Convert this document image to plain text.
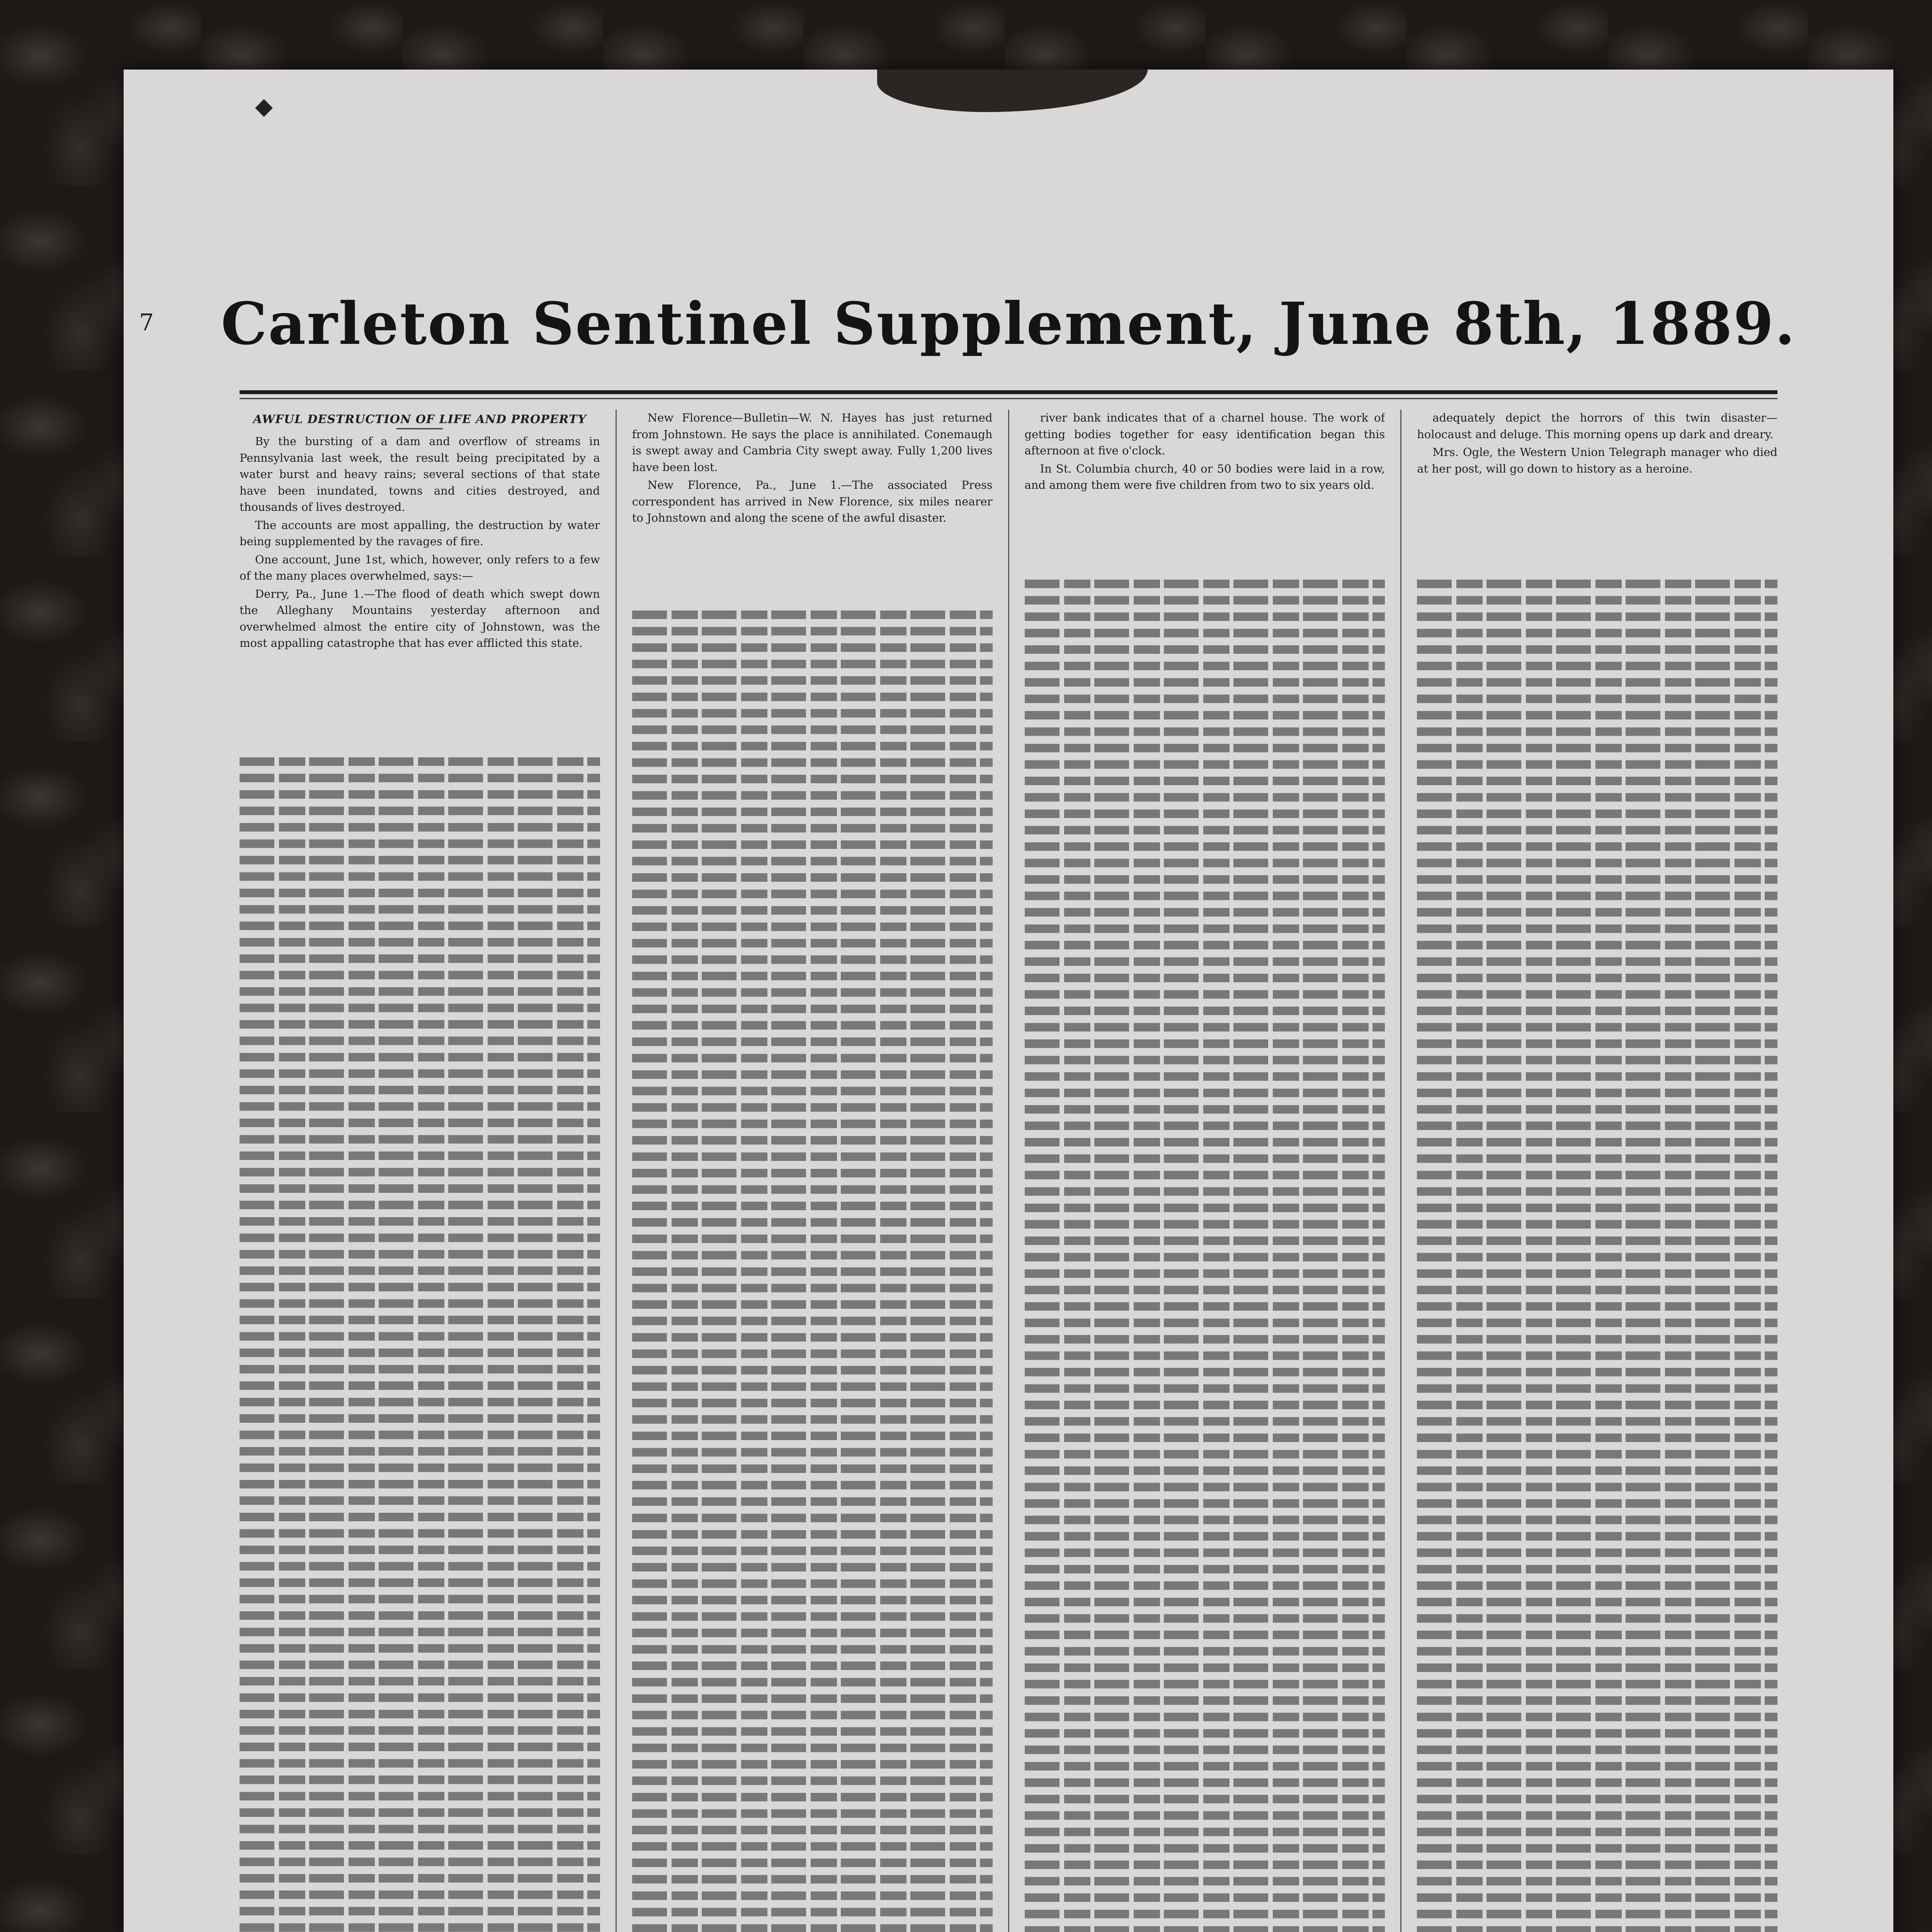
◆
7	Carleton Sentinel Supplement, June 8th, 1889.
AWFUL DESTRUCTION OF LIFE AND PROPERTY

By the bursting of a dam and overflow of streams in Pennsylvania last week, the result being precipitated by a water burst and heavy rains; several sections of that state have been inundated, towns and cities destroyed, and thousands of lives destroyed.

The accounts are most appalling, the destruction by water being supplemented by the ravages of fire.

One account, June 1st, which, however, only refers to a few of the many places overwhelmed, says:—

Derry, Pa., June 1.—The flood of death which swept down the Alleghany Mountains yesterday afternoon and overwhelmed almost the entire city of Johnstown, was the most appalling catastrophe that has ever afflicted this state.

New Florence—Bulletin—W. N. Hayes has just returned from Johnstown. He says the place is annihilated. Conemaugh is swept away and Cambria City swept away. Fully 1,200 lives have been lost.

New Florence, Pa., June 1.—The associated Press correspondent has arrived in New Florence, six miles nearer to Johnstown and along the scene of the awful disaster.

river bank indicates that of a charnel house. The work of getting bodies together for easy identification began this afternoon at five o'clock.

In St. Columbia church, 40 or 50 bodies were laid in a row, and among them were five children from two to six years old.

adequately depict the horrors of this twin disaster—holocaust and deluge. This morning opens up dark and dreary.

Mrs. Ogle, the Western Union Telegraph manager who died at her post, will go down to history as a heroine.
